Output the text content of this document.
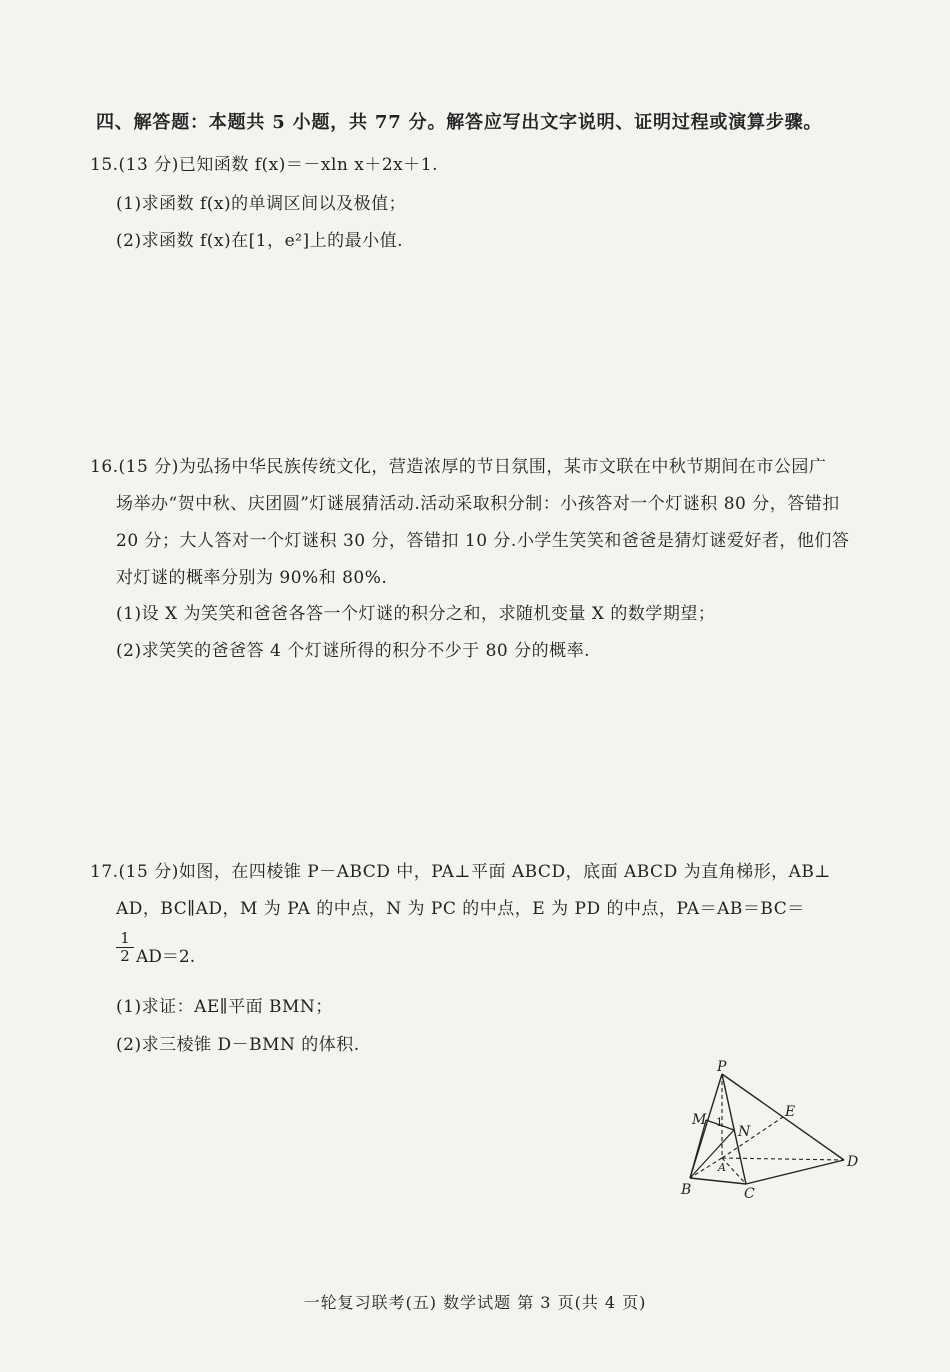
四、解答题：本题共 5 小题，共 77 分。解答应写出文字说明、证明过程或演算步骤。
15.(13 分)已知函数 f(x)＝－xln x＋2x＋1.
(1)求函数 f(x)的单调区间以及极值；
(2)求函数 f(x)在[1，e²]上的最小值.
16.(15 分)为弘扬中华民族传统文化，营造浓厚的节日氛围，某市文联在中秋节期间在市公园广
场举办“贺中秋、庆团圆”灯谜展猜活动.活动采取积分制：小孩答对一个灯谜积 80 分，答错扣
20 分；大人答对一个灯谜积 30 分，答错扣 10 分.小学生笑笑和爸爸是猜灯谜爱好者，他们答
对灯谜的概率分别为 90%和 80%.
(1)设 X 为笑笑和爸爸各答一个灯谜的积分之和，求随机变量 X 的数学期望；
(2)求笑笑的爸爸答 4 个灯谜所得的积分不少于 80 分的概率.
17.(15 分)如图，在四棱锥 P－ABCD 中，PA⊥平面 ABCD，底面 ABCD 为直角梯形，AB⊥
AD，BC∥AD，M 为 PA 的中点，N 为 PC 的中点，E 为 PD 的中点，PA＝AB＝BC＝
$\frac{1}{2} AD=2$.
(1)求证：AE∥平面 BMN；
(2)求三棱锥 D－BMN 的体积.
P
M	E
N
A
1
B	C
D
一轮复习联考(五) 数学试题 第 3 页(共 4 页)
